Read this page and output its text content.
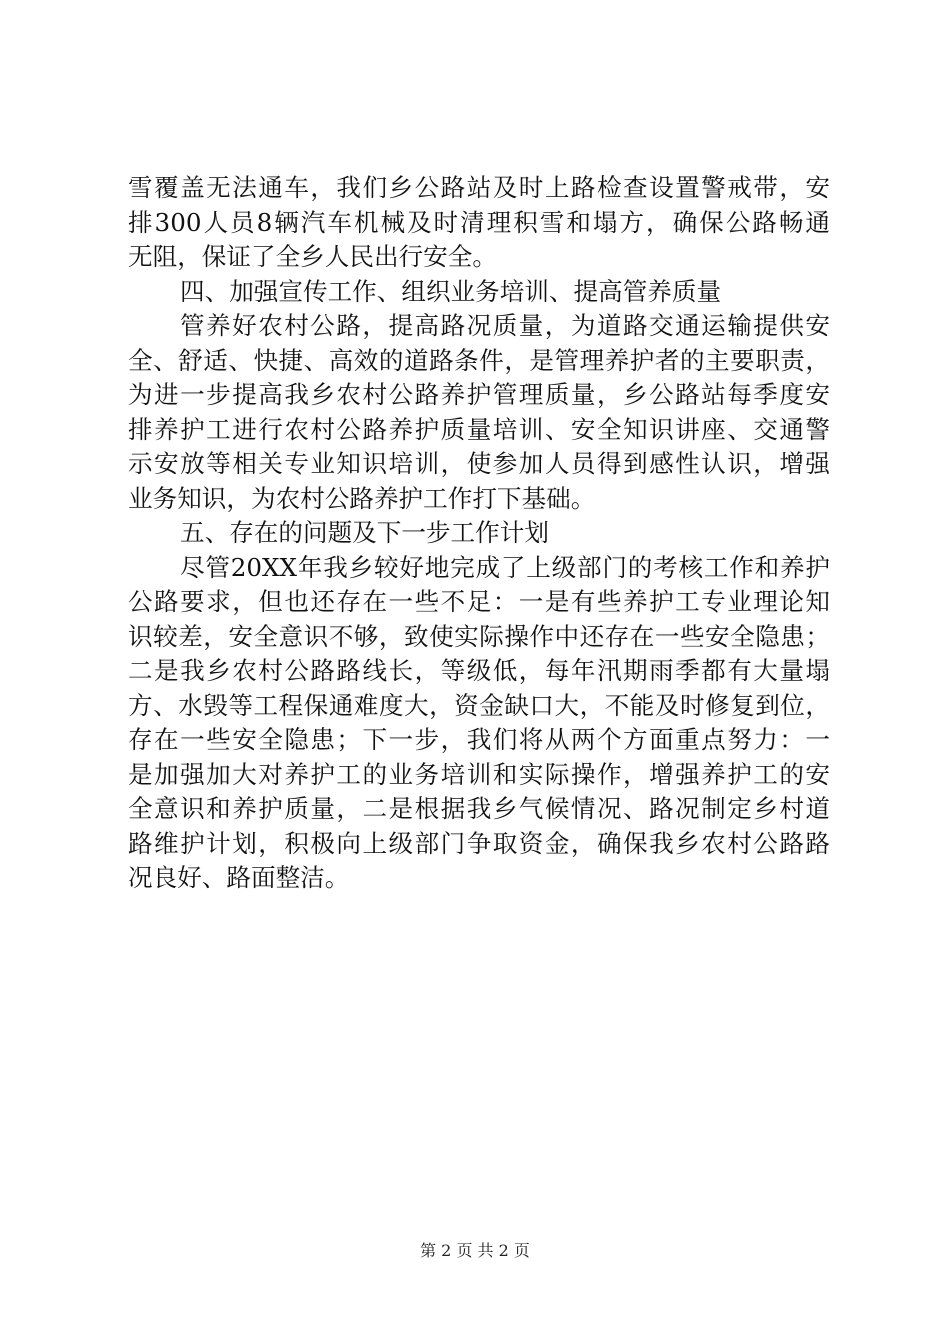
雪覆盖无法通车，我们乡公路站及时上路检查设置警戒带，安
排300人员8辆汽车机械及时清理积雪和塌方，确保公路畅通
无阻，保证了全乡人民出行安全。
四、加强宣传工作、组织业务培训、提高管养质量
管养好农村公路，提高路况质量，为道路交通运输提供安
全、舒适、快捷、高效的道路条件，是管理养护者的主要职责，
为进一步提高我乡农村公路养护管理质量，乡公路站每季度安
排养护工进行农村公路养护质量培训、安全知识讲座、交通警
示安放等相关专业知识培训，使参加人员得到感性认识，增强
业务知识，为农村公路养护工作打下基础。
五、存在的问题及下一步工作计划
尽管20XX年我乡较好地完成了上级部门的考核工作和养护
公路要求，但也还存在一些不足：一是有些养护工专业理论知
识较差，安全意识不够，致使实际操作中还存在一些安全隐患；
二是我乡农村公路路线长，等级低，每年汛期雨季都有大量塌
方、水毁等工程保通难度大，资金缺口大，不能及时修复到位，
存在一些安全隐患；下一步，我们将从两个方面重点努力：一
是加强加大对养护工的业务培训和实际操作，增强养护工的安
全意识和养护质量，二是根据我乡气候情况、路况制定乡村道
路维护计划，积极向上级部门争取资金，确保我乡农村公路路
况良好、路面整洁。
第 2 页 共 2 页
